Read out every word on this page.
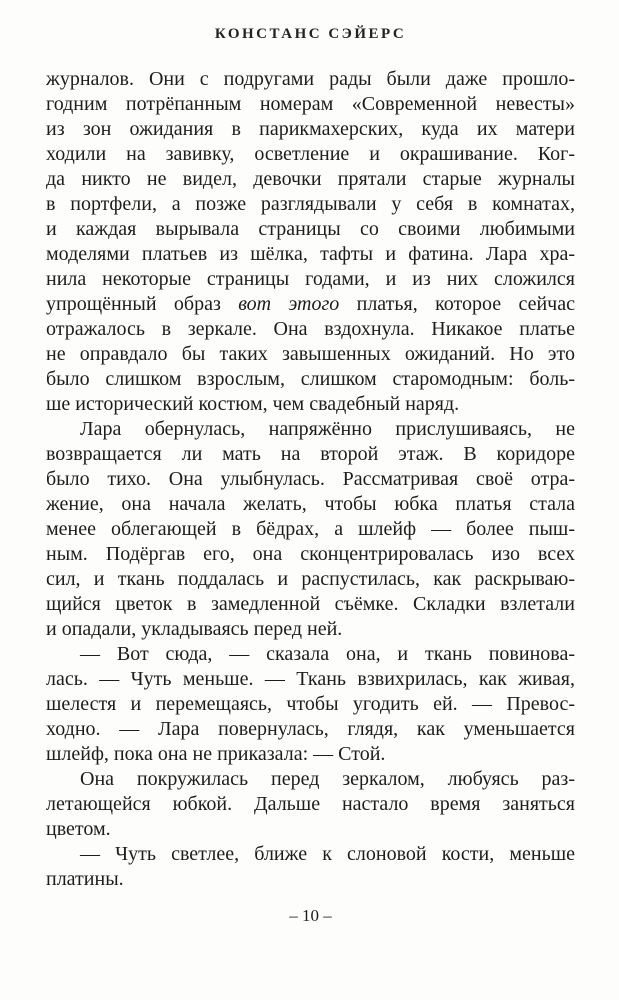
КОНСТАНС СЭЙЕРС
журналов. Они с подругами рады были даже прошло-
годним потрёпанным номерам «Современной невесты»
из зон ожидания в парикмахерских, куда их матери
ходили на завивку, осветление и окрашивание. Ког-
да никто не видел, девочки прятали старые журналы
в портфели, а позже разглядывали у себя в комнатах,
и каждая вырывала страницы со своими любимыми
моделями платьев из шёлка, тафты и фатина. Лара хра-
нила некоторые страницы годами, и из них сложился
упрощённый образ вот этого платья, которое сейчас
отражалось в зеркале. Она вздохнула. Никакое платье
не оправдало бы таких завышенных ожиданий. Но это
было слишком взрослым, слишком старомодным: боль-
ше исторический костюм, чем свадебный наряд.
Лара обернулась, напряжённо прислушиваясь, не
возвращается ли мать на второй этаж. В коридоре
было тихо. Она улыбнулась. Рассматривая своё отра-
жение, она начала желать, чтобы юбка платья стала
менее облегающей в бёдрах, а шлейф — более пыш-
ным. Подёргав его, она сконцентрировалась изо всех
сил, и ткань поддалась и распустилась, как раскрываю-
щийся цветок в замедленной съёмке. Складки взлетали
и опадали, укладываясь перед ней.
— Вот сюда, — сказала она, и ткань повинова-
лась. — Чуть меньше. — Ткань взвихрилась, как живая,
шелестя и перемещаясь, чтобы угодить ей. — Превос-
ходно. — Лара повернулась, глядя, как уменьшается
шлейф, пока она не приказала: — Стой.
Она покружилась перед зеркалом, любуясь раз-
летающейся юбкой. Дальше настало время заняться
цветом.
— Чуть светлее, ближе к слоновой кости, меньше
платины.
– 10 –
